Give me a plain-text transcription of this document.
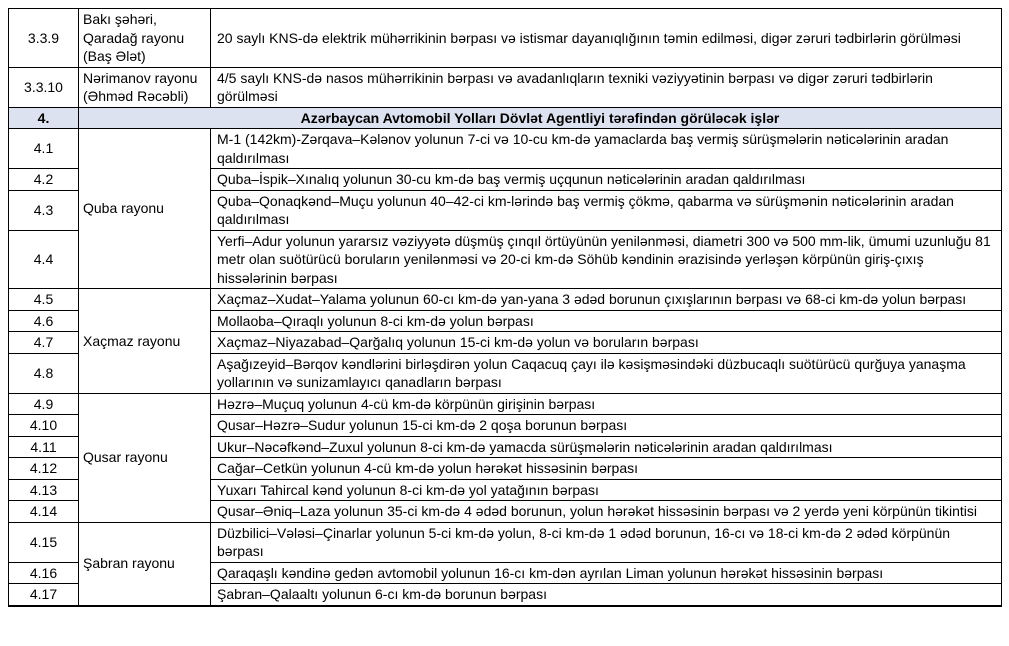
3.3.9	Bakı şəhəri, Qaradağ rayonu (Baş Ələt)	20 saylı KNS-də elektrik mühərrikinin bərpası və istismar dayanıqlığının təmin edilməsi, digər zəruri tədbirlərin görülməsi
3.3.10	Nərimanov rayonu (Əhməd Rəcəbli)	4/5 saylı KNS-də nasos mühərrikinin bərpası və avadanlıqların texniki vəziyyətinin bərpası və digər zəruri tədbirlərin görülməsi
4.	Azərbaycan Avtomobil Yolları Dövlət Agentliyi tərəfindən görüləcək işlər	
4.1	Quba rayonu	M-1 (142km)-Zərqava–Kələnov yolunun 7-ci və 10-cu km-də yamaclarda baş vermiş sürüşmələrin nəticələrinin aradan qaldırılması
4.2		Quba–İspik–Xınalıq yolunun 30-cu km-də baş vermiş uçqunun nəticələrinin aradan qaldırılması
4.3		Quba–Qonaqkənd–Muçu yolunun 40–42-ci km-lərində baş vermiş çökmə, qabarma və sürüşmənin nəticələrinin aradan qaldırılması
4.4		Yerfi–Adur yolunun yararsız vəziyyətə düşmüş çınqıl örtüyünün yenilənməsi, diametri 300 və 500 mm-lik, ümumi uzunluğu 81 metr olan suötürücü boruların yenilənməsi və 20-ci km-də Söhüb kəndinin ərazisində yerləşən körpünün giriş-çıxış hissələrinin bərpası
4.5	Xaçmaz rayonu	Xaçmaz–Xudat–Yalama yolunun 60-cı km-də yan-yana 3 ədəd borunun çıxışlarının bərpası və 68-ci km-də yolun bərpası
4.6		Mollaoba–Qıraqlı yolunun 8-ci km-də yolun bərpası
4.7		Xaçmaz–Niyazabad–Qarğalıq yolunun 15-ci km-də yolun və boruların bərpası
4.8		Aşağızeyid–Bərqov kəndlərini birləşdirən yolun Caqacuq çayı ilə kəsişməsindəki düzbucaqlı suötürücü qurğuya yanaşma yollarının və sunizamlayıcı qanadların bərpası
4.9	Qusar rayonu	Həzrə–Muçuq yolunun 4-cü km-də körpünün girişinin bərpası
4.10		Qusar–Həzrə–Sudur yolunun 15-ci km-də 2 qoşa borunun bərpası
4.11		Ukur–Nəcəfkənd–Zuxul yolunun 8-ci km-də yamacda sürüşmələrin nəticələrinin aradan qaldırılması
4.12		Cağar–Cetkün yolunun 4-cü km-də yolun hərəkət hissəsinin bərpası
4.13		Yuxarı Tahircal kənd yolunun 8-ci km-də yol yatağının bərpası
4.14		Qusar–Əniq–Laza yolunun 35-ci km-də 4 ədəd borunun, yolun hərəkət hissəsinin bərpası və 2 yerdə yeni körpünün tikintisi
4.15	Şabran rayonu	Düzbilici–Vələsi–Çinarlar yolunun 5-ci km-də yolun, 8-ci km-də 1 ədəd borunun, 16-cı və 18-ci km-də 2 ədəd körpünün bərpası
4.16		Qaraqaşlı kəndinə gedən avtomobil yolunun 16-cı km-dən ayrılan Liman yolunun hərəkət hissəsinin bərpası
4.17		Şabran–Qalaaltı yolunun 6-cı km-də borunun bərpası
